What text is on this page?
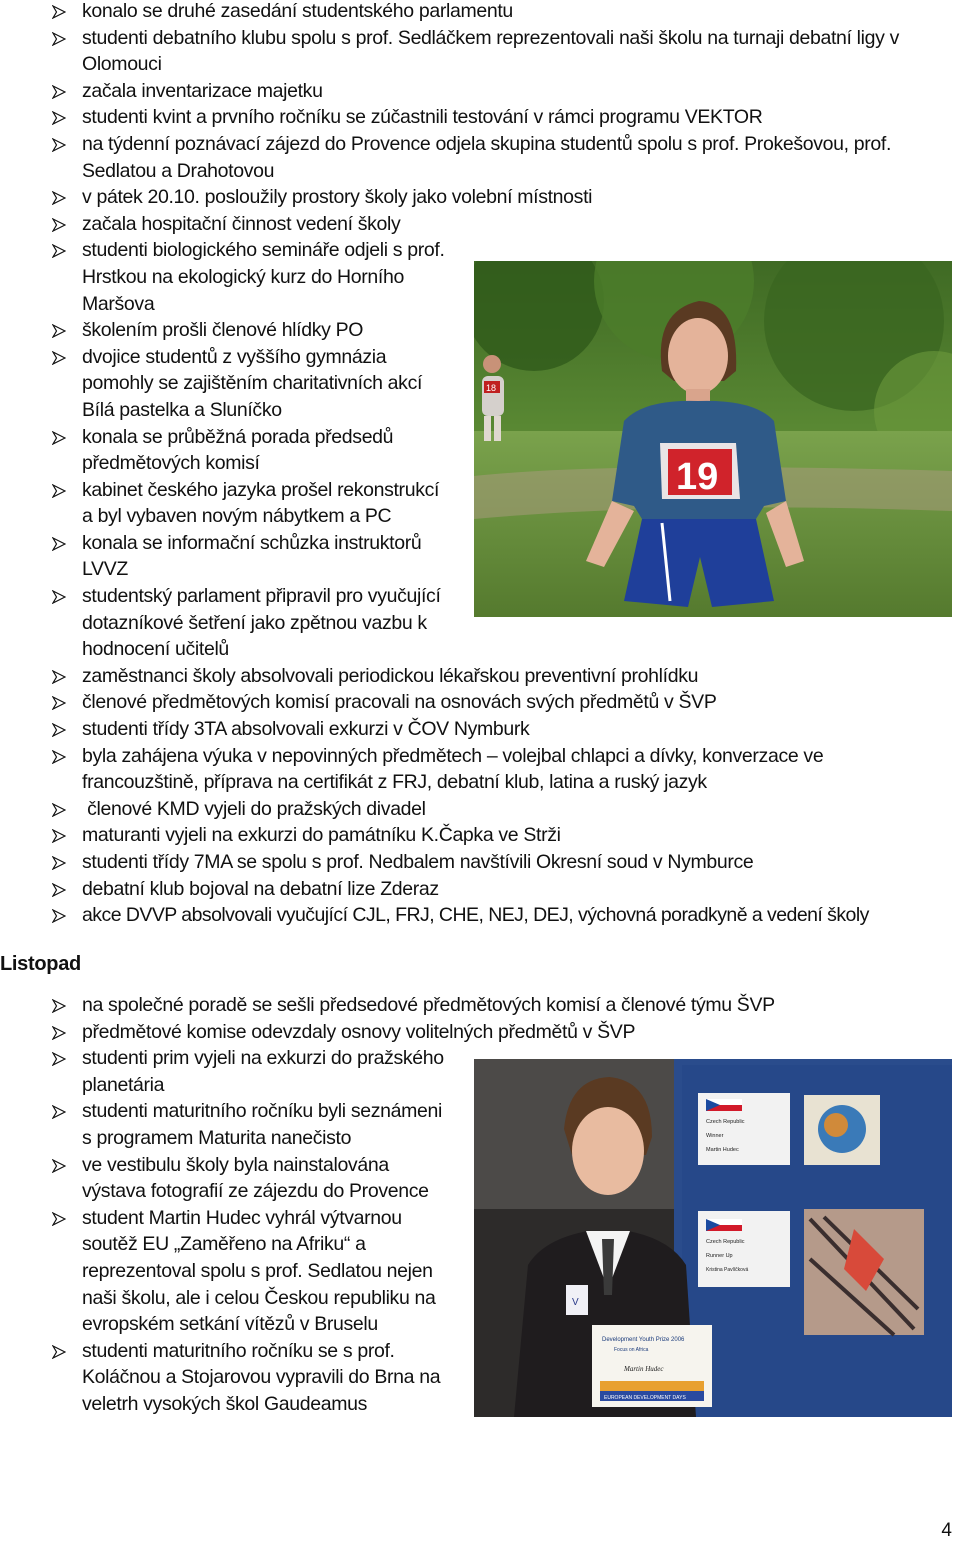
konalo se druhé zasedání studentského parlamentu
studenti debatního klubu spolu s prof. Sedláčkem reprezentovali naši školu na turnaji debatní ligy v Olomouci
začala inventarizace majetku
studenti kvint a prvního ročníku se zúčastnili testování v rámci programu VEKTOR
na týdenní poznávací zájezd do Provence odjela skupina studentů spolu s prof. Prokešovou, prof. Sedlatou a Drahotovou
v pátek 20.10. posloužily prostory školy jako volební místnosti
začala hospitační činnost vedení školy
studenti biologického semináře odjeli s prof. Hrstkou na ekologický kurz do Horního Maršova
školením prošli členové hlídky PO
dvojice studentů z vyššího gymnázia pomohly se zajištěním charitativních akcí Bílá pastelka a Sluníčko
konala se průběžná porada předsedů předmětových komisí
kabinet českého jazyka prošel rekonstrukcí a byl vybaven novým nábytkem a PC
konala se informační schůzka instruktorů LVVZ
studentský parlament připravil pro vyučující dotazníkové šetření jako zpětnou vazbu k hodnocení učitelů
zaměstnanci školy absolvovali periodickou lékařskou preventivní prohlídku
členové předmětových komisí pracovali na osnovách svých předmětů v ŠVP
studenti třídy 3TA absolvovali exkurzi v ČOV Nymburk
byla zahájena výuka v nepovinných předmětech – volejbal chlapci a dívky, konverzace ve francouzštině, příprava na certifikát z FRJ, debatní klub, latina a ruský jazyk
členové KMD vyjeli do pražských divadel
maturanti vyjeli na exkurzi do památníku K.Čapka ve Strži
studenti třídy 7MA se spolu s prof. Nedbalem navštívili Okresní soud v Nymburce
debatní klub bojoval na debatní lize Zderaz
akce DVVP absolvovali vyučující CJL, FRJ, CHE, NEJ, DEJ, výchovná poradkyně a vedení školy
18
19
Listopad
na společné poradě se sešli předsedové předmětových komisí a členové týmu ŠVP
předmětové komise odevzdaly osnovy volitelných předmětů v ŠVP
studenti prim vyjeli na exkurzi do pražského planetária
studenti maturitního ročníku byli seznámeni s programem Maturita nanečisto
ve vestibulu školy byla nainstalována výstava fotografií ze zájezdu do Provence
student Martin Hudec vyhrál výtvarnou soutěž EU „Zaměřeno na Afriku“ a reprezentoval spolu s prof. Sedlatou nejen naši školu, ale i celou Českou republiku na evropském setkání vítězů v Bruselu
studenti maturitního ročníku se s prof. Koláčnou a Stojarovou vypravili do Brna na veletrh vysokých škol Gaudeamus
Czech Republic
Winner
Martin Hudec
Czech Republic
Runner Up
Kristina Pavlíčková
V
Development Youth Prize 2006
Focus on Africa
Martin Hudec
EUROPEAN DEVELOPMENT DAYS
4
